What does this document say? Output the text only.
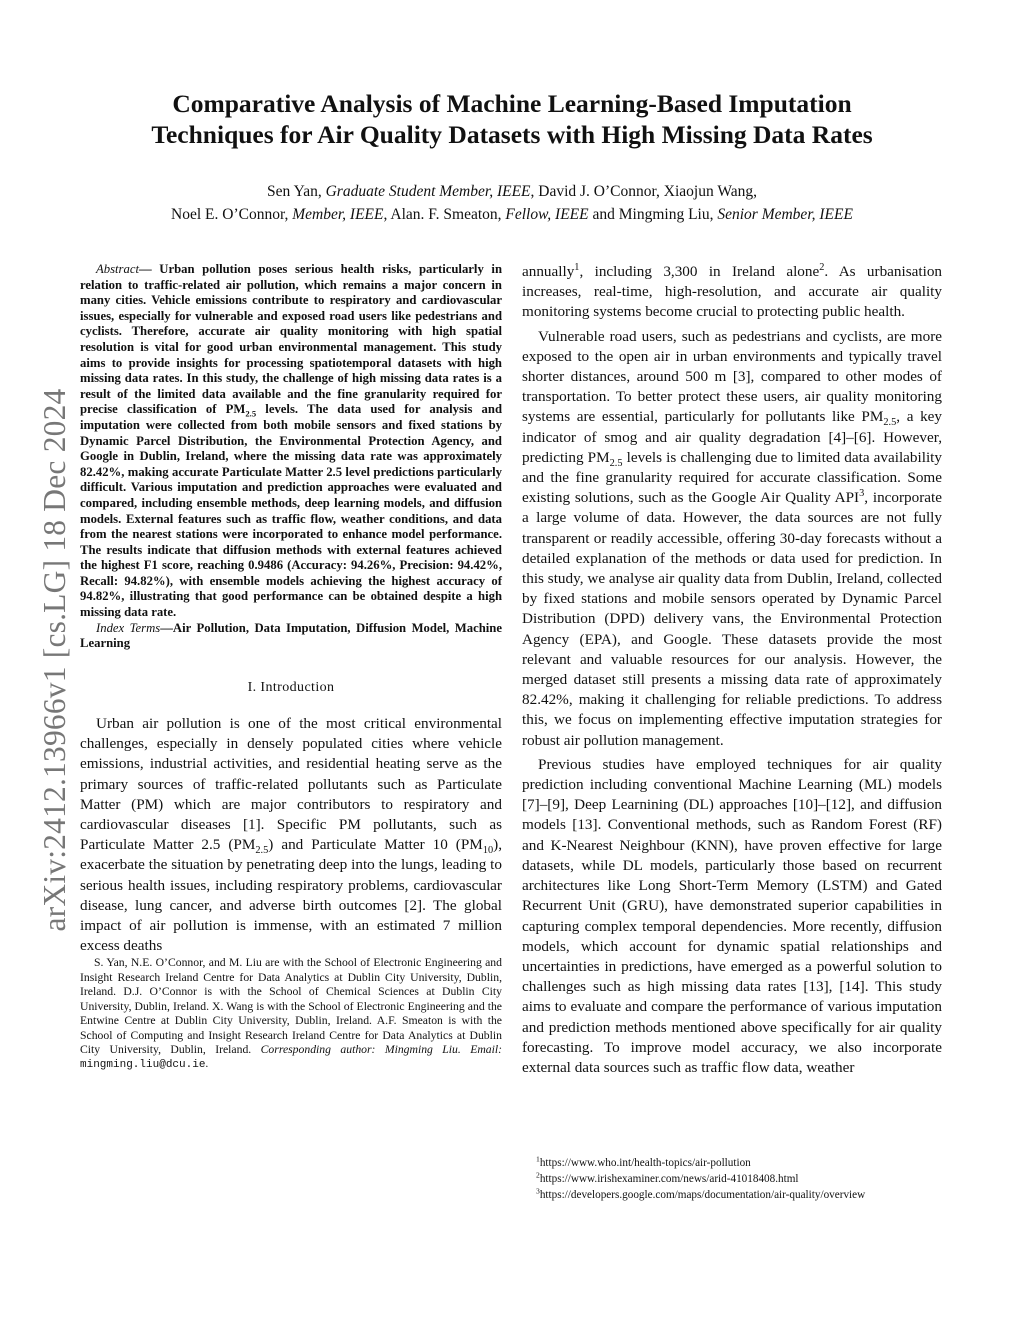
arXiv:2412.13966v1 [cs.LG] 18 Dec 2024
Comparative Analysis of Machine Learning-Based Imputation
Techniques for Air Quality Datasets with High Missing Data Rates
Sen Yan, Graduate Student Member, IEEE, David J. O’Connor, Xiaojun Wang,
Noel E. O’Connor, Member, IEEE, Alan. F. Smeaton, Fellow, IEEE and Mingming Liu, Senior Member, IEEE

Abstract— Urban pollution poses serious health risks, particularly in relation to traffic-related air pollution, which remains a major concern in many cities. Vehicle emissions contribute to respiratory and cardiovascular issues, especially for vulnerable and exposed road users like pedestrians and cyclists. Therefore, accurate air quality monitoring with high spatial resolution is vital for good urban environmental management. This study aims to provide insights for processing spatiotemporal datasets with high missing data rates. In this study, the challenge of high missing data rates is a result of the limited data available and the fine granularity required for precise classification of $PM_{2.5}$ levels. The data used for analysis and imputation were collected from both mobile sensors and fixed stations by Dynamic Parcel Distribution, the Environmental Protection Agency, and Google in Dublin, Ireland, where the missing data rate was approximately 82.42%, making accurate Particulate Matter 2.5 level predictions particularly difficult. Various imputation and prediction approaches were evaluated and compared, including ensemble methods, deep learning models, and diffusion models. External features such as traffic flow, weather conditions, and data from the nearest stations were incorporated to enhance model performance. The results indicate that diffusion methods with external features achieved the highest F1 score, reaching 0.9486 (Accuracy: 94.26%, Precision: 94.42%, Recall: 94.82%), with ensemble models achieving the highest accuracy of 94.82%, illustrating that good performance can be obtained despite a high missing data rate.

Index Terms—Air Pollution, Data Imputation, Diffusion Model, Machine Learning

I. Introduction

Urban air pollution is one of the most critical environmental challenges, especially in densely populated cities where vehicle emissions, industrial activities, and residential heating serve as the primary sources of traffic-related pollutants such as Particulate Matter (PM) which are major contributors to respiratory and cardiovascular diseases [1]. Specific PM pollutants, such as Particulate Matter 2.5 $(PM_{2.5})$ and Particulate Matter 10 $(PM_{10})$, exacerbate the situation by penetrating deep into the lungs, leading to serious health issues, including respiratory problems, cardiovascular disease, lung cancer, and adverse birth outcomes [2]. The global impact of air pollution is immense, with an estimated 7 million excess deaths

S. Yan, N.E. O’Connor, and M. Liu are with the School of Electronic Engineering and Insight Research Ireland Centre for Data Analytics at Dublin City University, Dublin, Ireland. D.J. O’Connor is with the School of Chemical Sciences at Dublin City University, Dublin, Ireland. X. Wang is with the School of Electronic Engineering and the Entwine Centre at Dublin City University, Dublin, Ireland. A.F. Smeaton is with the School of Computing and Insight Research Ireland Centre for Data Analytics at Dublin City University, Dublin, Ireland. Corresponding author: Mingming Liu. Email: mingming.liu@dcu.ie.

annually$^1$, including 3,300 in Ireland alone$^2$. As urbanisation increases, real-time, high-resolution, and accurate air quality monitoring systems become crucial to protecting public health.

Vulnerable road users, such as pedestrians and cyclists, are more exposed to the open air in urban environments and typically travel shorter distances, around 500 m [3], compared to other modes of transportation. To better protect these users, air quality monitoring systems are essential, particularly for pollutants like $PM_{2.5}$, a key indicator of smog and air quality degradation [4]–[6]. However, predicting $PM_{2.5}$ levels is challenging due to limited data availability and the fine granularity required for accurate classification. Some existing solutions, such as the Google Air Quality API$^3$, incorporate a large volume of data. However, the data sources are not fully transparent or readily accessible, offering 30-day forecasts without a detailed explanation of the methods or data used for prediction. In this study, we analyse air quality data from Dublin, Ireland, collected by fixed stations and mobile sensors operated by Dynamic Parcel Distribution (DPD) delivery vans, the Environmental Protection Agency (EPA), and Google. These datasets provide the most relevant and valuable resources for our analysis. However, the merged dataset still presents a missing data rate of approximately 82.42%, making it challenging for reliable predictions. To address this, we focus on implementing effective imputation strategies for robust air pollution management.

Previous studies have employed techniques for air quality prediction including conventional Machine Learning (ML) models [7]–[9], Deep Learnining (DL) approaches [10]–[12], and diffusion models [13]. Conventional methods, such as Random Forest (RF) and K-Nearest Neighbour (KNN), have proven effective for large datasets, while DL models, particularly those based on recurrent architectures like Long Short-Term Memory (LSTM) and Gated Recurrent Unit (GRU), have demonstrated superior capabilities in capturing complex temporal dependencies. More recently, diffusion models, which account for dynamic spatial relationships and uncertainties in predictions, have emerged as a powerful solution to challenges such as high missing data rates [13], [14]. This study aims to evaluate and compare the performance of various imputation and prediction methods mentioned above specifically for air quality forecasting. To improve model accuracy, we also incorporate external data sources such as traffic flow data, weather

$^1$https://www.who.int/health-topics/air-pollution
$^2$https://www.irishexaminer.com/news/arid-41018408.html
$^3$https://developers.google.com/maps/documentation/air-quality/overview
